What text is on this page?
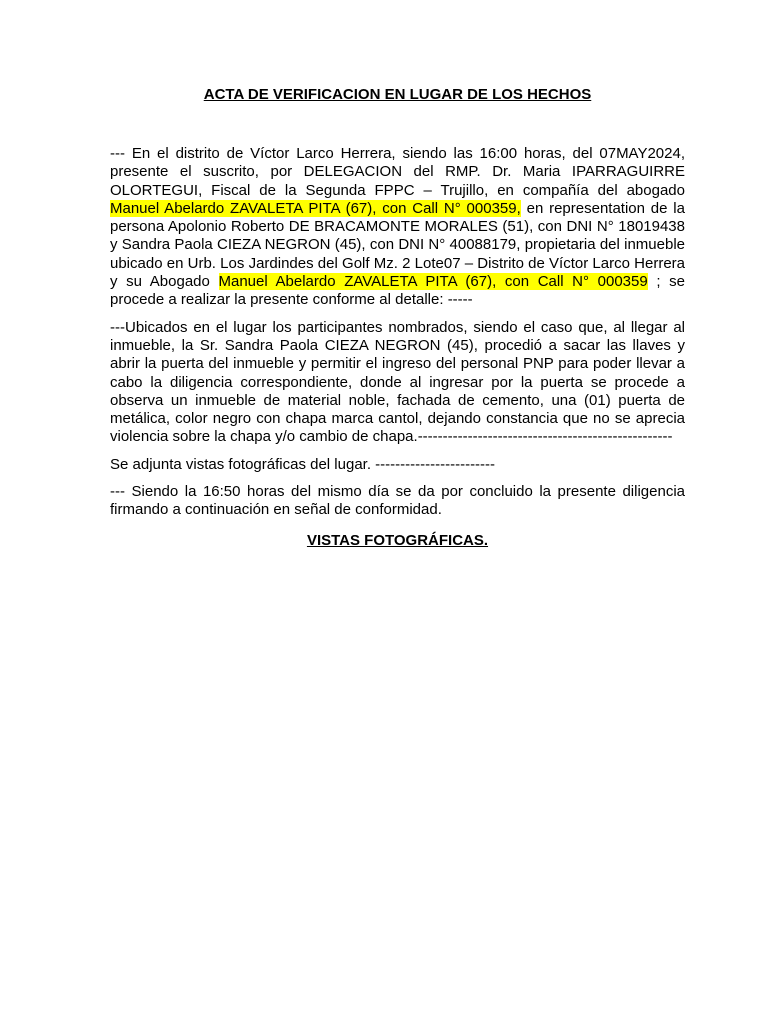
ACTA DE VERIFICACION EN LUGAR DE LOS HECHOS

--- En el distrito de Víctor Larco Herrera, siendo las 16:00 horas, del 07MAY2024, presente el suscrito, por DELEGACION del RMP. Dr. Maria IPARRAGUIRRE OLORTEGUI, Fiscal de la Segunda FPPC – Trujillo, en compañía del abogado Manuel Abelardo ZAVALETA PITA (67), con Call N° 000359, en representation de la persona Apolonio Roberto DE BRACAMONTE MORALES (51), con DNI N° 18019438 y Sandra Paola CIEZA NEGRON (45), con DNI N° 40088179, propietaria del inmueble ubicado en Urb. Los Jardindes del Golf Mz. 2 Lote07 – Distrito de Víctor Larco Herrera y su Abogado Manuel Abelardo ZAVALETA PITA (67), con Call N° 000359 ; se procede a realizar la presente conforme al detalle: -----

---Ubicados en el lugar los participantes nombrados, siendo el caso que, al llegar al inmueble, la Sr. Sandra Paola CIEZA NEGRON (45), procedió a sacar las llaves y abrir la puerta del inmueble y permitir el ingreso del personal PNP para poder llevar a cabo la diligencia correspondiente, donde al ingresar por la puerta se procede a observa un inmueble de material noble, fachada de cemento, una (01) puerta de metálica, color negro con chapa marca cantol, dejando constancia que no se aprecia violencia sobre la chapa y/o cambio de chapa.---------------------------------------------------

Se adjunta vistas fotográficas del lugar. ------------------------

--- Siendo la 16:50 horas del mismo día se da por concluido la presente diligencia firmando a continuación en señal de conformidad.

VISTAS FOTOGRÁFICAS.
